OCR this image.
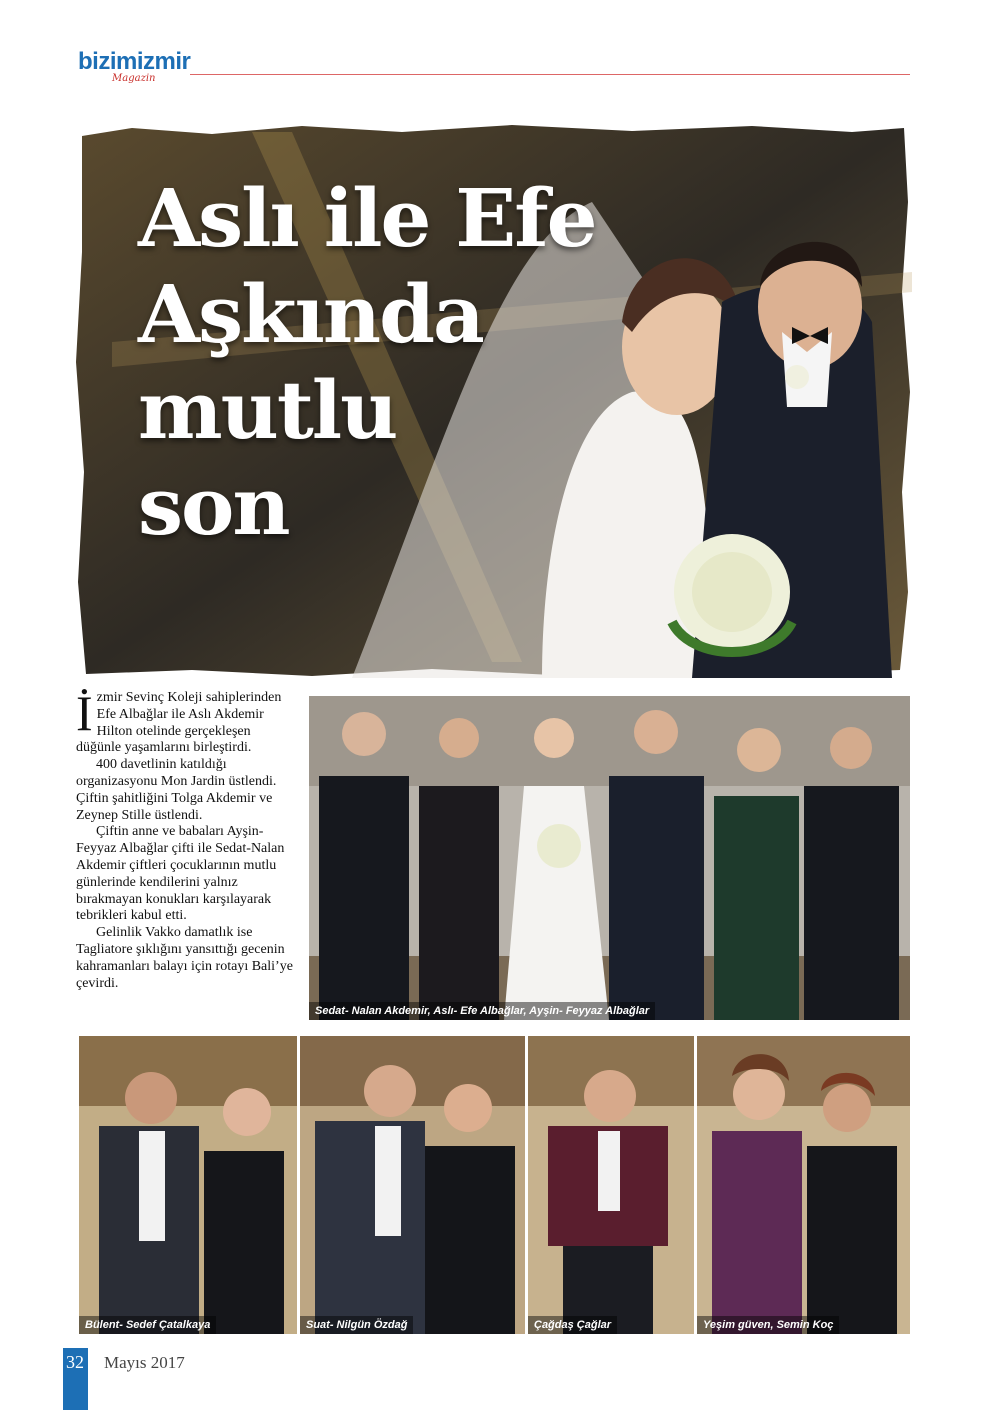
bizimizmir
Magazin
Aslı ile Efe
Aşkında
mutlu
son

İzmir Sevinç Koleji sahiplerinden Efe Albağlar ile Aslı Akdemir Hilton otelinde gerçekleşen düğünle yaşamlarını birleştirdi.

400 davetlinin katıldığı organizasyonu Mon Jardin üstlendi. Çiftin şahitliğini Tolga Akdemir ve Zeynep Stille üstlendi.

Çiftin anne ve babaları Ayşin-Feyyaz Albağlar çifti ile Sedat-Nalan Akdemir çiftleri çocuklarının mutlu günlerinde kendilerini yalnız bırakmayan konukları karşılayarak tebrikleri kabul etti.

Gelinlik Vakko damatlık ise Tagliatore şıklığını yansıttığı gecenin kahramanları balayı için rotayı Bali’ye çevirdi.

Sedat- Nalan Akdemir, Aslı- Efe Albağlar, Ayşin- Feyyaz Albağlar
Bülent- Sedef Çatalkaya	Suat- Nilgün Özdağ	Çağdaş Çağlar	Yeşim güven, Semin Koç
32 Mayıs 2017
